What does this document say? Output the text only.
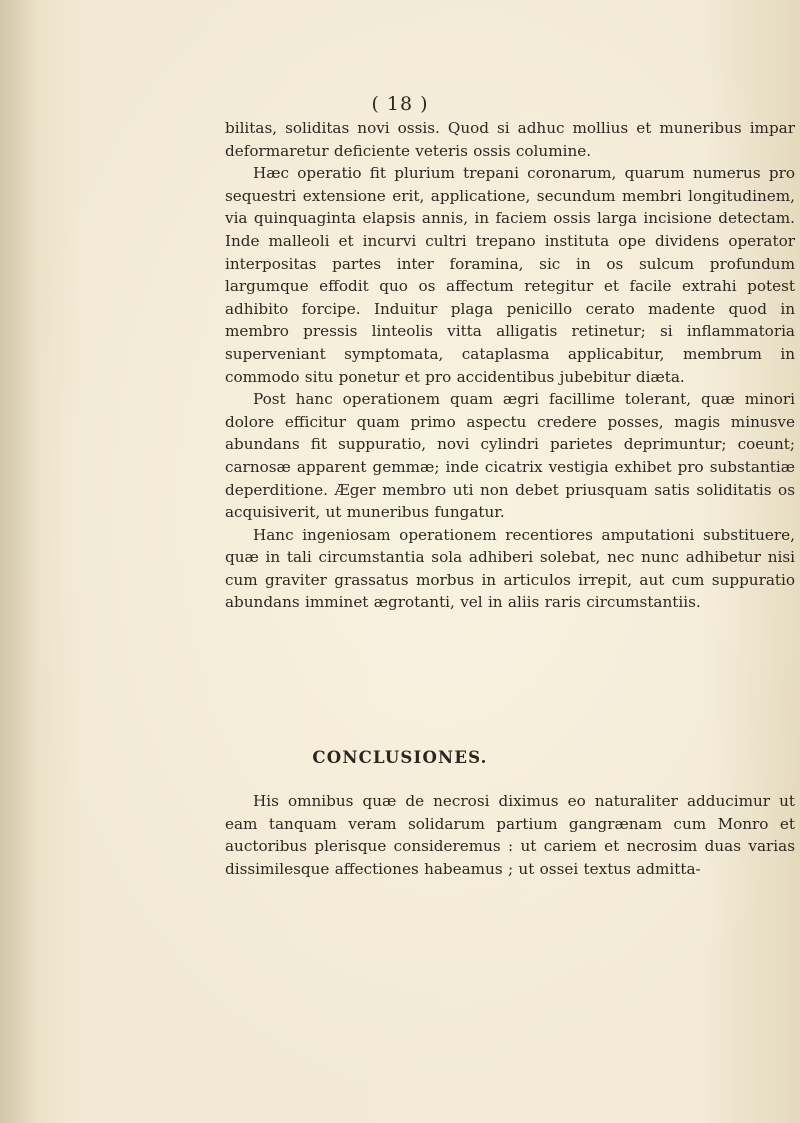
( 18 )

bilitas, soliditas novi ossis. Quod si adhuc mollius et muneribus impar deformaretur deficiente veteris ossis columine.

Hæc operatio fit plurium trepani coronarum, quarum numerus pro sequestri extensione erit, applicatione, secundum membri longitudinem, via quinquaginta elapsis annis, in faciem ossis larga incisione detectam. Inde malleoli et incurvi cultri trepano instituta ope dividens operator interpositas partes inter foramina, sic in os sulcum profundum largumque effodit quo os affectum retegitur et facile extrahi potest adhibito forcipe. Induitur plaga penicillo cerato madente quod in membro pressis linteolis vitta alligatis retinetur; si inflammatoria superveniant symptomata, cataplasma applicabitur, membrum in commodo situ ponetur et pro accidentibus jubebitur diæta.

Post hanc operationem quam ægri facillime tolerant, quæ minori dolore efficitur quam primo aspectu credere posses, magis minusve abundans fit suppuratio, novi cylindri parietes deprimuntur; coeunt; carnosæ apparent gemmæ; inde cicatrix vestigia exhibet pro substantiæ deperditione. Æger membro uti non debet priusquam satis soliditatis os acquisiverit, ut muneribus fungatur.

Hanc ingeniosam operationem recentiores amputationi substituere, quæ in tali circumstantia sola adhiberi solebat, nec nunc adhibetur nisi cum graviter grassatus morbus in articulos irrepit, aut cum suppuratio abundans imminet ægrotanti, vel in aliis raris circumstantiis.

CONCLUSIONES.

His omnibus quæ de necrosi diximus eo naturaliter adducimur ut eam tanquam veram solidarum partium gangrænam cum Monro et auctoribus plerisque consideremus : ut cariem et necrosim duas varias dissimilesque affectiones habeamus ; ut ossei textus admitta-
